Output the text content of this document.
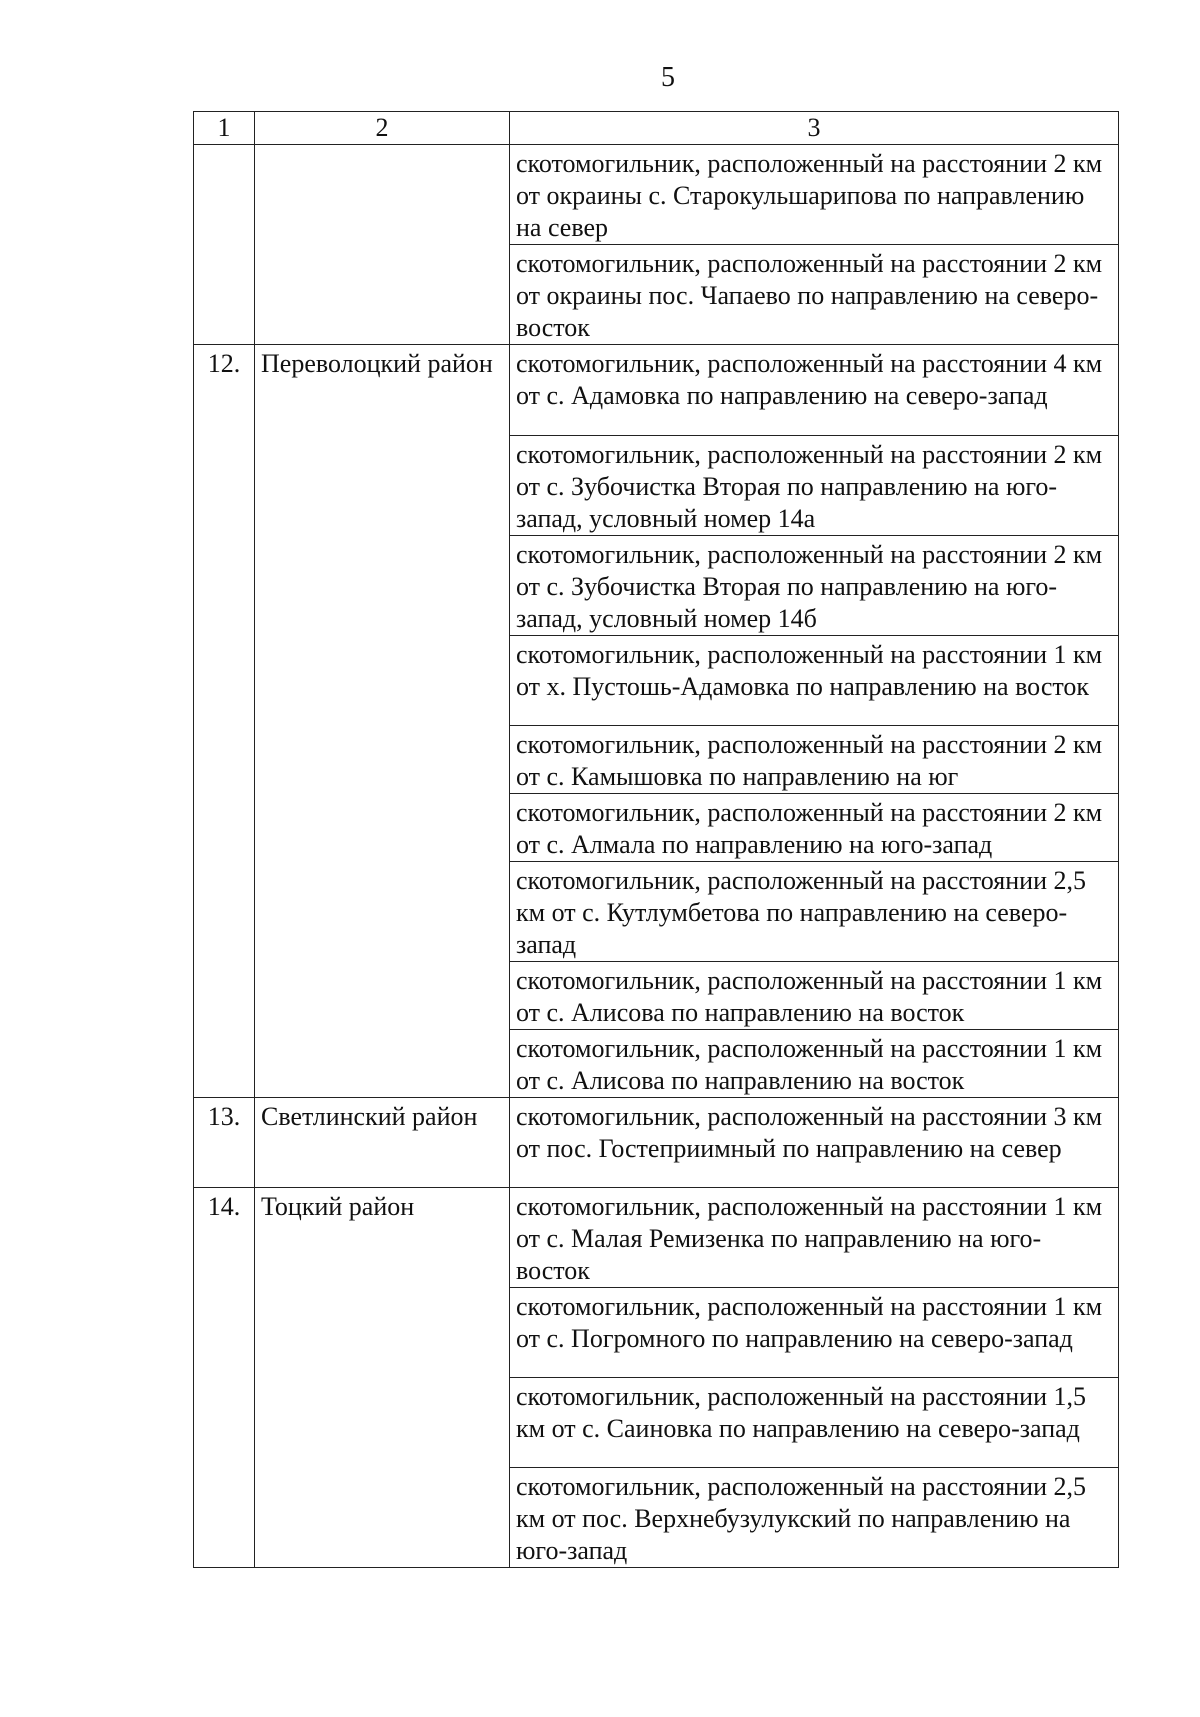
5
1	2	3
		скотомогильник, расположенный на расстоянии 2 км от окраины с. Старокульшарипова по направлению на север
		скотомогильник, расположенный на расстоянии 2 км от окраины пос. Чапаево по направлению на северо-восток
12.	Переволоцкий район	скотомогильник, расположенный на расстоянии 4 км от с. Адамовка по направлению на северо-запад
		скотомогильник, расположенный на расстоянии 2 км от с. Зубочистка Вторая по направлению на юго-запад, условный номер 14а
		скотомогильник, расположенный на расстоянии 2 км от с. Зубочистка Вторая по направлению на юго-запад, условный номер 14б
		скотомогильник, расположенный на расстоянии 1 км от х. Пустошь-Адамовка по направлению на восток
		скотомогильник, расположенный на расстоянии 2 км от с. Камышовка по направлению на юг
		скотомогильник, расположенный на расстоянии 2 км от с. Алмала по направлению на юго-запад
		скотомогильник, расположенный на расстоянии 2,5 км от с. Кутлумбетова по направлению на северо-запад
		скотомогильник, расположенный на расстоянии 1 км от с. Алисова по направлению на восток
		скотомогильник, расположенный на расстоянии 1 км от с. Алисова по направлению на восток
13.	Светлинский район	скотомогильник, расположенный на расстоянии 3 км от пос. Гостеприимный по направлению на север
14.	Тоцкий район	скотомогильник, расположенный на расстоянии 1 км от с. Малая Ремизенка по направлению на юго-восток
		скотомогильник, расположенный на расстоянии 1 км от с. Погромного по направлению на северо-запад
		скотомогильник, расположенный на расстоянии 1,5 км от с. Саиновка по направлению на северо-запад
		скотомогильник, расположенный на расстоянии 2,5 км от пос. Верхнебузулукский по направлению на юго-запад
